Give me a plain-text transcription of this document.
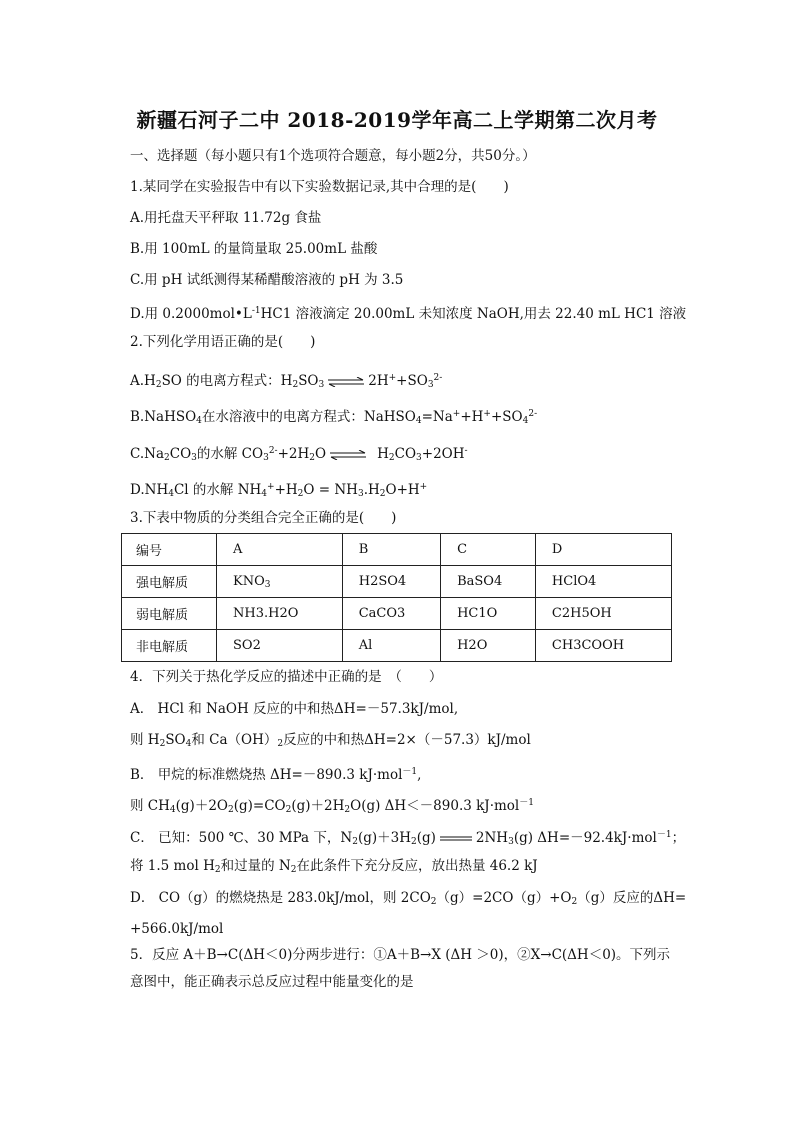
新疆石河子二中 2018-2019学年高二上学期第二次月考
一、选择题（每小题只有1个选项符合题意，每小题2分，共50分。）
1.某同学在实验报告中有以下实验数据记录,其中合理的是(　　)
A.用托盘天平秤取 11.72g 食盐
B.用 100mL 的量筒量取 25.00mL 盐酸
C.用 pH 试纸测得某稀醋酸溶液的 pH 为 3.5
D.用 $0.2000mol•L^{-1}HC1$ 溶液滴定 20.00mL 未知浓度 NaOH,用去 22.40 mL HC1 溶液
2.下列化学用语正确的是(　　)
$A.H_2SO$ 的电离方程式：$H_2SO_3$ ⇌ $2H^++SO_3^{2-}$
B.NaHSO$_4$在水溶液中的电离方程式：$NaHSO_4=Na^++H^++SO_4^{2-}$
$C.Na_2CO_3$的水解 $CO_3^{2-}+2H_2O$ ⇌ $H_2CO_3+2OH^-$
$D.NH_4Cl$ 的水解 $NH_4^++H_2O = NH_3.H_2O+H^+$
3.下表中物质的分类组合完全正确的是(　　)
编号	A	B	C	D
强电解质	$KNO_3$	H2SO4	BaSO4	HClO4
弱电解质	NH3.H2O	CaCO3	HC1O	C2H5OH
非电解质	SO2	Al	H2O	CH3COOH
4．下列关于热化学反应的描述中正确的是　（　　）
A． HCl 和 NaOH 反应的中和热ΔH=－57.3kJ/mol,
则 $H_2SO_4$和 $Ca(OH)_2$反应的中和热ΔH=2×（－57.3）kJ/mol
B． 甲烷的标准燃烧热 ΔH=－890.3 kJ·mol$^{-1}$,
则 $CH_4(g)+2O_2(g)=CO_2(g)+2H_2O(g)$ ΔH＜－890.3 kJ·mol$^{-1}$
C． 已知：500 ℃、30 MPa 下，$N_2(g)+3H_2(g)$	$2NH_3(g)$ ΔH=－92.4kJ·mol$^{-1}$；
将 1.5 mol $H_2$和过量的 $N_2$在此条件下充分反应，放出热量 46.2 kJ
D． CO（g）的燃烧热是 283.0kJ/mol，则 $2CO_2(g)=2CO(g)+O_2(g)$反应的ΔH=
+566.0kJ/mol
5．反应 A＋B→C(ΔH＜0)分两步进行：①A＋B→X (ΔH ＞0)，②X→C(ΔH＜0)。下列示
意图中，能正确表示总反应过程中能量变化的是
